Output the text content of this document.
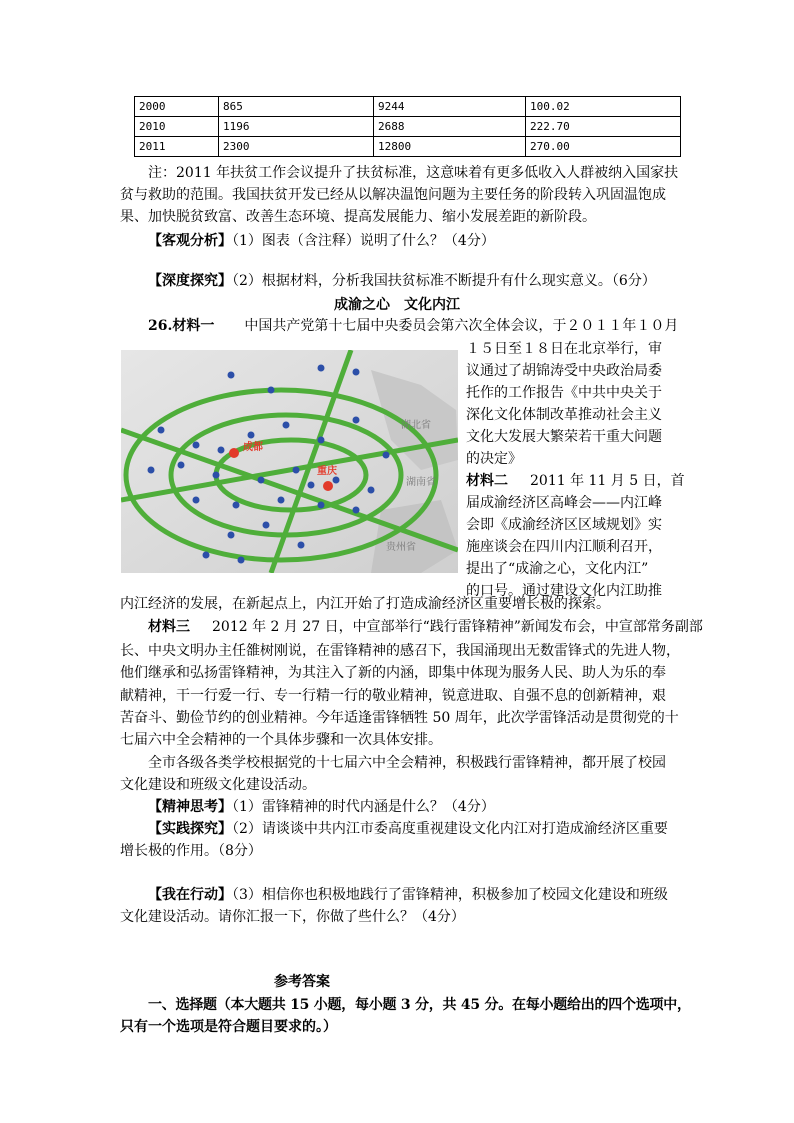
2000	865	9244	100.02
2010	1196	2688	222.70
2011	2300	12800	270.00
注：2011 年扶贫工作会议提升了扶贫标准，这意味着有更多低收入人群被纳入国家扶
贫与救助的范围。我国扶贫开发已经从以解决温饱问题为主要任务的阶段转入巩固温饱成
果、加快脱贫致富、改善生态环境、提高发展能力、缩小发展差距的新阶段。
【客观分析】（1）图表（含注释）说明了什么？（4分）
【深度探究】（2）根据材料，分析我国扶贫标准不断提升有什么现实意义。（6分）
成渝之心　文化内江
26.材料一 中国共产党第十七届中央委员会第六次全体会议，于２０１１年１０月
１５日至１８日在北京举行，审
议通过了胡锦涛受中央政治局委
托作的工作报告《中共中央关于
深化文化体制改革推动社会主义
文化大发展大繁荣若干重大问题
的决定》
材料二 2011 年 11 月 5 日，首
届成渝经济区高峰会——内江峰
会即《成渝经济区区域规划》实
施座谈会在四川内江顺利召开，
提出了“成渝之心，文化内江”
的口号。通过建设文化内江助推
成都
重庆
湖北省
湖南省
贵州省
内江经济的发展，在新起点上，内江开始了打造成渝经济区重要增长极的探索。
材料三 2012 年 2 月 27 日，中宣部举行“践行雷锋精神”新闻发布会，中宣部常务副部
长、中央文明办主任雒树刚说，在雷锋精神的感召下，我国涌现出无数雷锋式的先进人物，
他们继承和弘扬雷锋精神，为其注入了新的内涵，即集中体现为服务人民、助人为乐的奉
献精神，干一行爱一行、专一行精一行的敬业精神，锐意进取、自强不息的创新精神，艰
苦奋斗、勤俭节约的创业精神。今年适逢雷锋牺牲 50 周年，此次学雷锋活动是贯彻党的十
七届六中全会精神的一个具体步骤和一次具体安排。
全市各级各类学校根据党的十七届六中全会精神，积极践行雷锋精神，都开展了校园
文化建设和班级文化建设活动。
【精神思考】（1）雷锋精神的时代内涵是什么？（4分）
【实践探究】（2）请谈谈中共内江市委高度重视建设文化内江对打造成渝经济区重要
增长极的作用。（8分）
【我在行动】（3）相信你也积极地践行了雷锋精神，积极参加了校园文化建设和班级
文化建设活动。请你汇报一下，你做了些什么？（4分）
参考答案
一、选择题（本大题共 15 小题，每小题 3 分，共 45 分。在每小题给出的四个选项中，
只有一个选项是符合题目要求的。）
